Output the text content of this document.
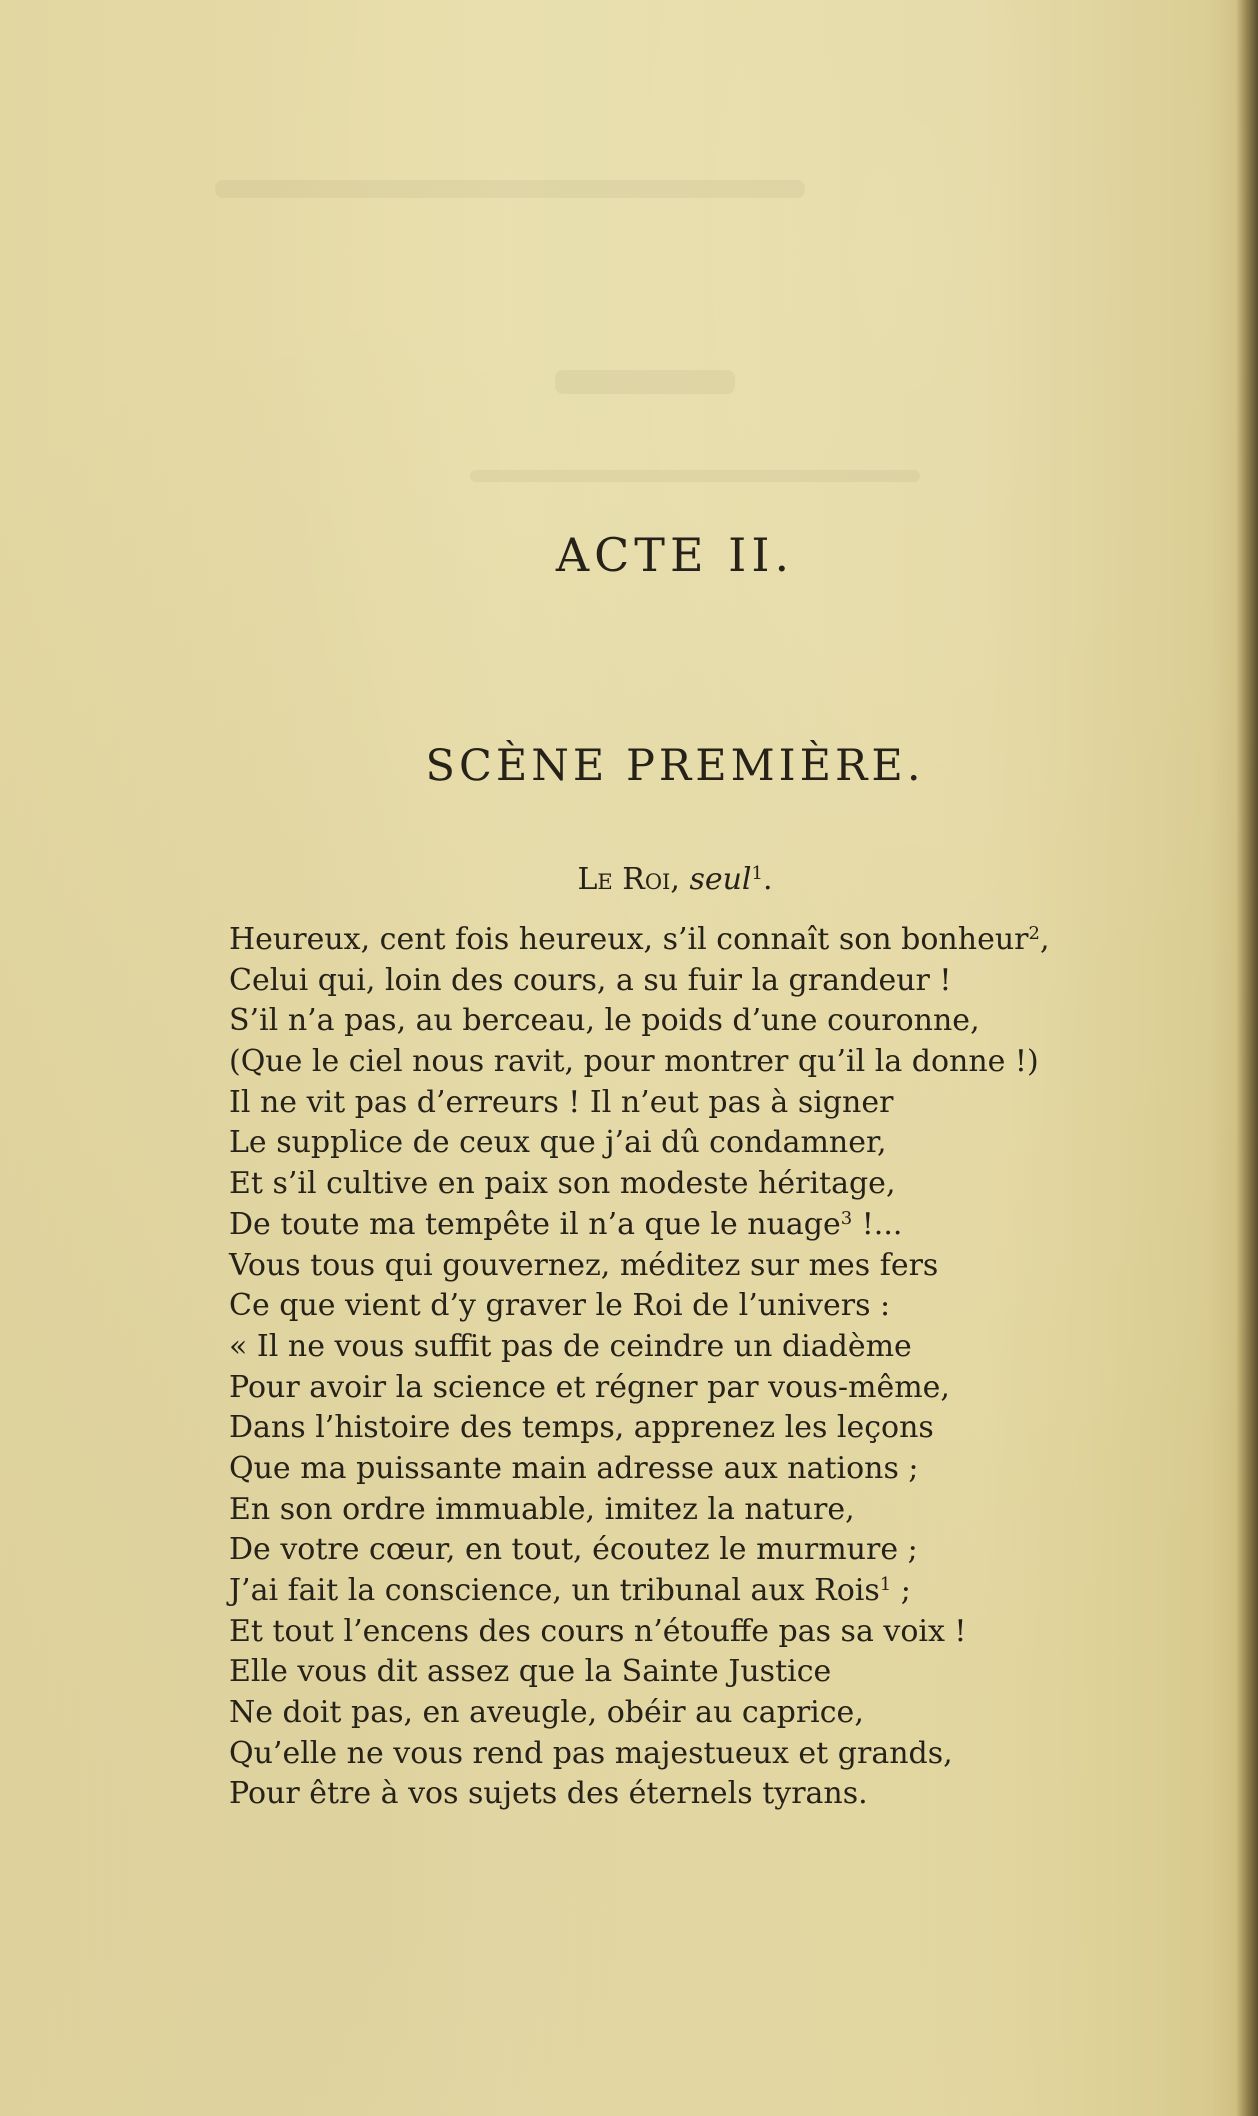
ACTE II.
SCÈNE PREMIÈRE.

Le Roi, seul$^1$.

Heureux, cent fois heureux, s’il connaît son bonheur$^2$,
Celui qui, loin des cours, a su fuir la grandeur !
S’il n’a pas, au berceau, le poids d’une couronne,
(Que le ciel nous ravit, pour montrer qu’il la donne !)
Il ne vit pas d’erreurs ! Il n’eut pas à signer
Le supplice de ceux que j’ai dû condamner,
Et s’il cultive en paix son modeste héritage,
De toute ma tempête il n’a que le nuage$^3$ !...
Vous tous qui gouvernez, méditez sur mes fers
Ce que vient d’y graver le Roi de l’univers :
« Il ne vous suffit pas de ceindre un diadème
Pour avoir la science et régner par vous-même,
Dans l’histoire des temps, apprenez les leçons
Que ma puissante main adresse aux nations ;
En son ordre immuable, imitez la nature,
De votre cœur, en tout, écoutez le murmure ;
J’ai fait la conscience, un tribunal aux Rois$^1$ ;
Et tout l’encens des cours n’étouffe pas sa voix !
Elle vous dit assez que la Sainte Justice
Ne doit pas, en aveugle, obéir au caprice,
Qu’elle ne vous rend pas majestueux et grands,
Pour être à vos sujets des éternels tyrans.
